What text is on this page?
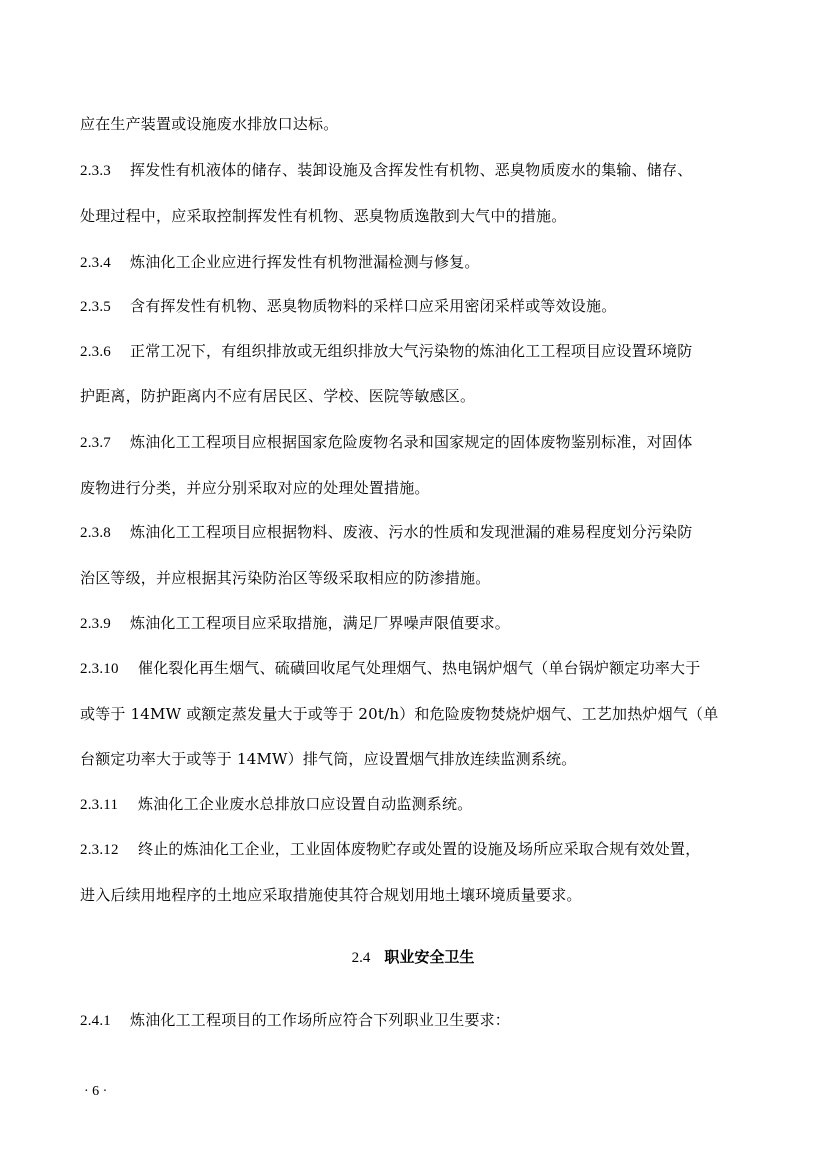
应在生产装置或设施废水排放口达标。
2.3.3 挥发性有机液体的储存、装卸设施及含挥发性有机物、恶臭物质废水的集输、储存、
处理过程中，应采取控制挥发性有机物、恶臭物质逸散到大气中的措施。
2.3.4 炼油化工企业应进行挥发性有机物泄漏检测与修复。
2.3.5 含有挥发性有机物、恶臭物质物料的采样口应采用密闭采样或等效设施。
2.3.6 正常工况下，有组织排放或无组织排放大气污染物的炼油化工工程项目应设置环境防
护距离，防护距离内不应有居民区、学校、医院等敏感区。
2.3.7 炼油化工工程项目应根据国家危险废物名录和国家规定的固体废物鉴别标准，对固体
废物进行分类，并应分别采取对应的处理处置措施。
2.3.8 炼油化工工程项目应根据物料、废液、污水的性质和发现泄漏的难易程度划分污染防
治区等级，并应根据其污染防治区等级采取相应的防渗措施。
2.3.9 炼油化工工程项目应采取措施，满足厂界噪声限值要求。
2.3.10 催化裂化再生烟气、硫磺回收尾气处理烟气、热电锅炉烟气（单台锅炉额定功率大于
或等于 14MW 或额定蒸发量大于或等于 20t/h）和危险废物焚烧炉烟气、工艺加热炉烟气（单
台额定功率大于或等于 14MW）排气筒，应设置烟气排放连续监测系统。
2.3.11 炼油化工企业废水总排放口应设置自动监测系统。
2.3.12 终止的炼油化工企业，工业固体废物贮存或处置的设施及场所应采取合规有效处置，
进入后续用地程序的土地应采取措施使其符合规划用地土壤环境质量要求。
2.4 职业安全卫生
2.4.1 炼油化工工程项目的工作场所应符合下列职业卫生要求：
· 6 ·
